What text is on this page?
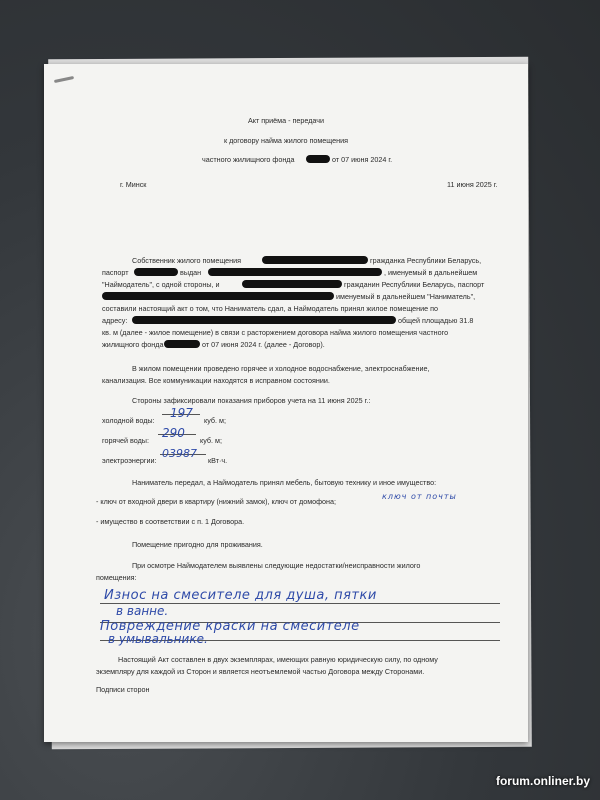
Акт приёма - передачи
к договору найма жилого помещения
частного жилищного фонда	от 07 июня 2024 г.
г. Минск	11 июня 2025 г.
Собственник жилого помещения	гражданка Республики Беларусь,
паспорт	выдан	, именуемый в дальнейшем
"Наймодатель", с одной стороны, и	гражданин Республики Беларусь, паспорт
именуемый в дальнейшем "Наниматель",
составили настоящий акт о том, что Наниматель сдал, а Наймодатель принял жилое помещение по
адресу:	общей площадью 31.8
кв. м (далее - жилое помещение) в связи с расторжением договора найма жилого помещения частного
жилищного фонда	от 07 июня 2024 г. (далее - Договор).
В жилом помещении проведено горячее и холодное водоснабжение, электроснабжение,
канализация. Все коммуникации находятся в исправном состоянии.
Стороны зафиксировали показания приборов учета на 11 июня 2025 г.:
холодной воды:
197
куб. м;
горячей воды:
290
куб. м;
электроэнергии:
03987
кВт·ч.
Наниматель передал, а Наймодатель принял мебель, бытовую технику и иное имущество:
- ключ от входной двери в квартиру (нижний замок), ключ от домофона;
ключ от почты
- имущество в соответствии с п. 1 Договора.
Помещение пригодно для проживания.
При осмотре Наймодателем выявлены следующие недостатки/неисправности жилого
помещения:
Износ на смесителе для душа, пятки
в ванне.
Повреждение краски на смесителе
в умывальнике.
Настоящий Акт составлен в двух экземплярах, имеющих равную юридическую силу, по одному
экземпляру для каждой из Сторон и является неотъемлемой частью Договора между Сторонами.
Подписи сторон
forum.onliner.by
